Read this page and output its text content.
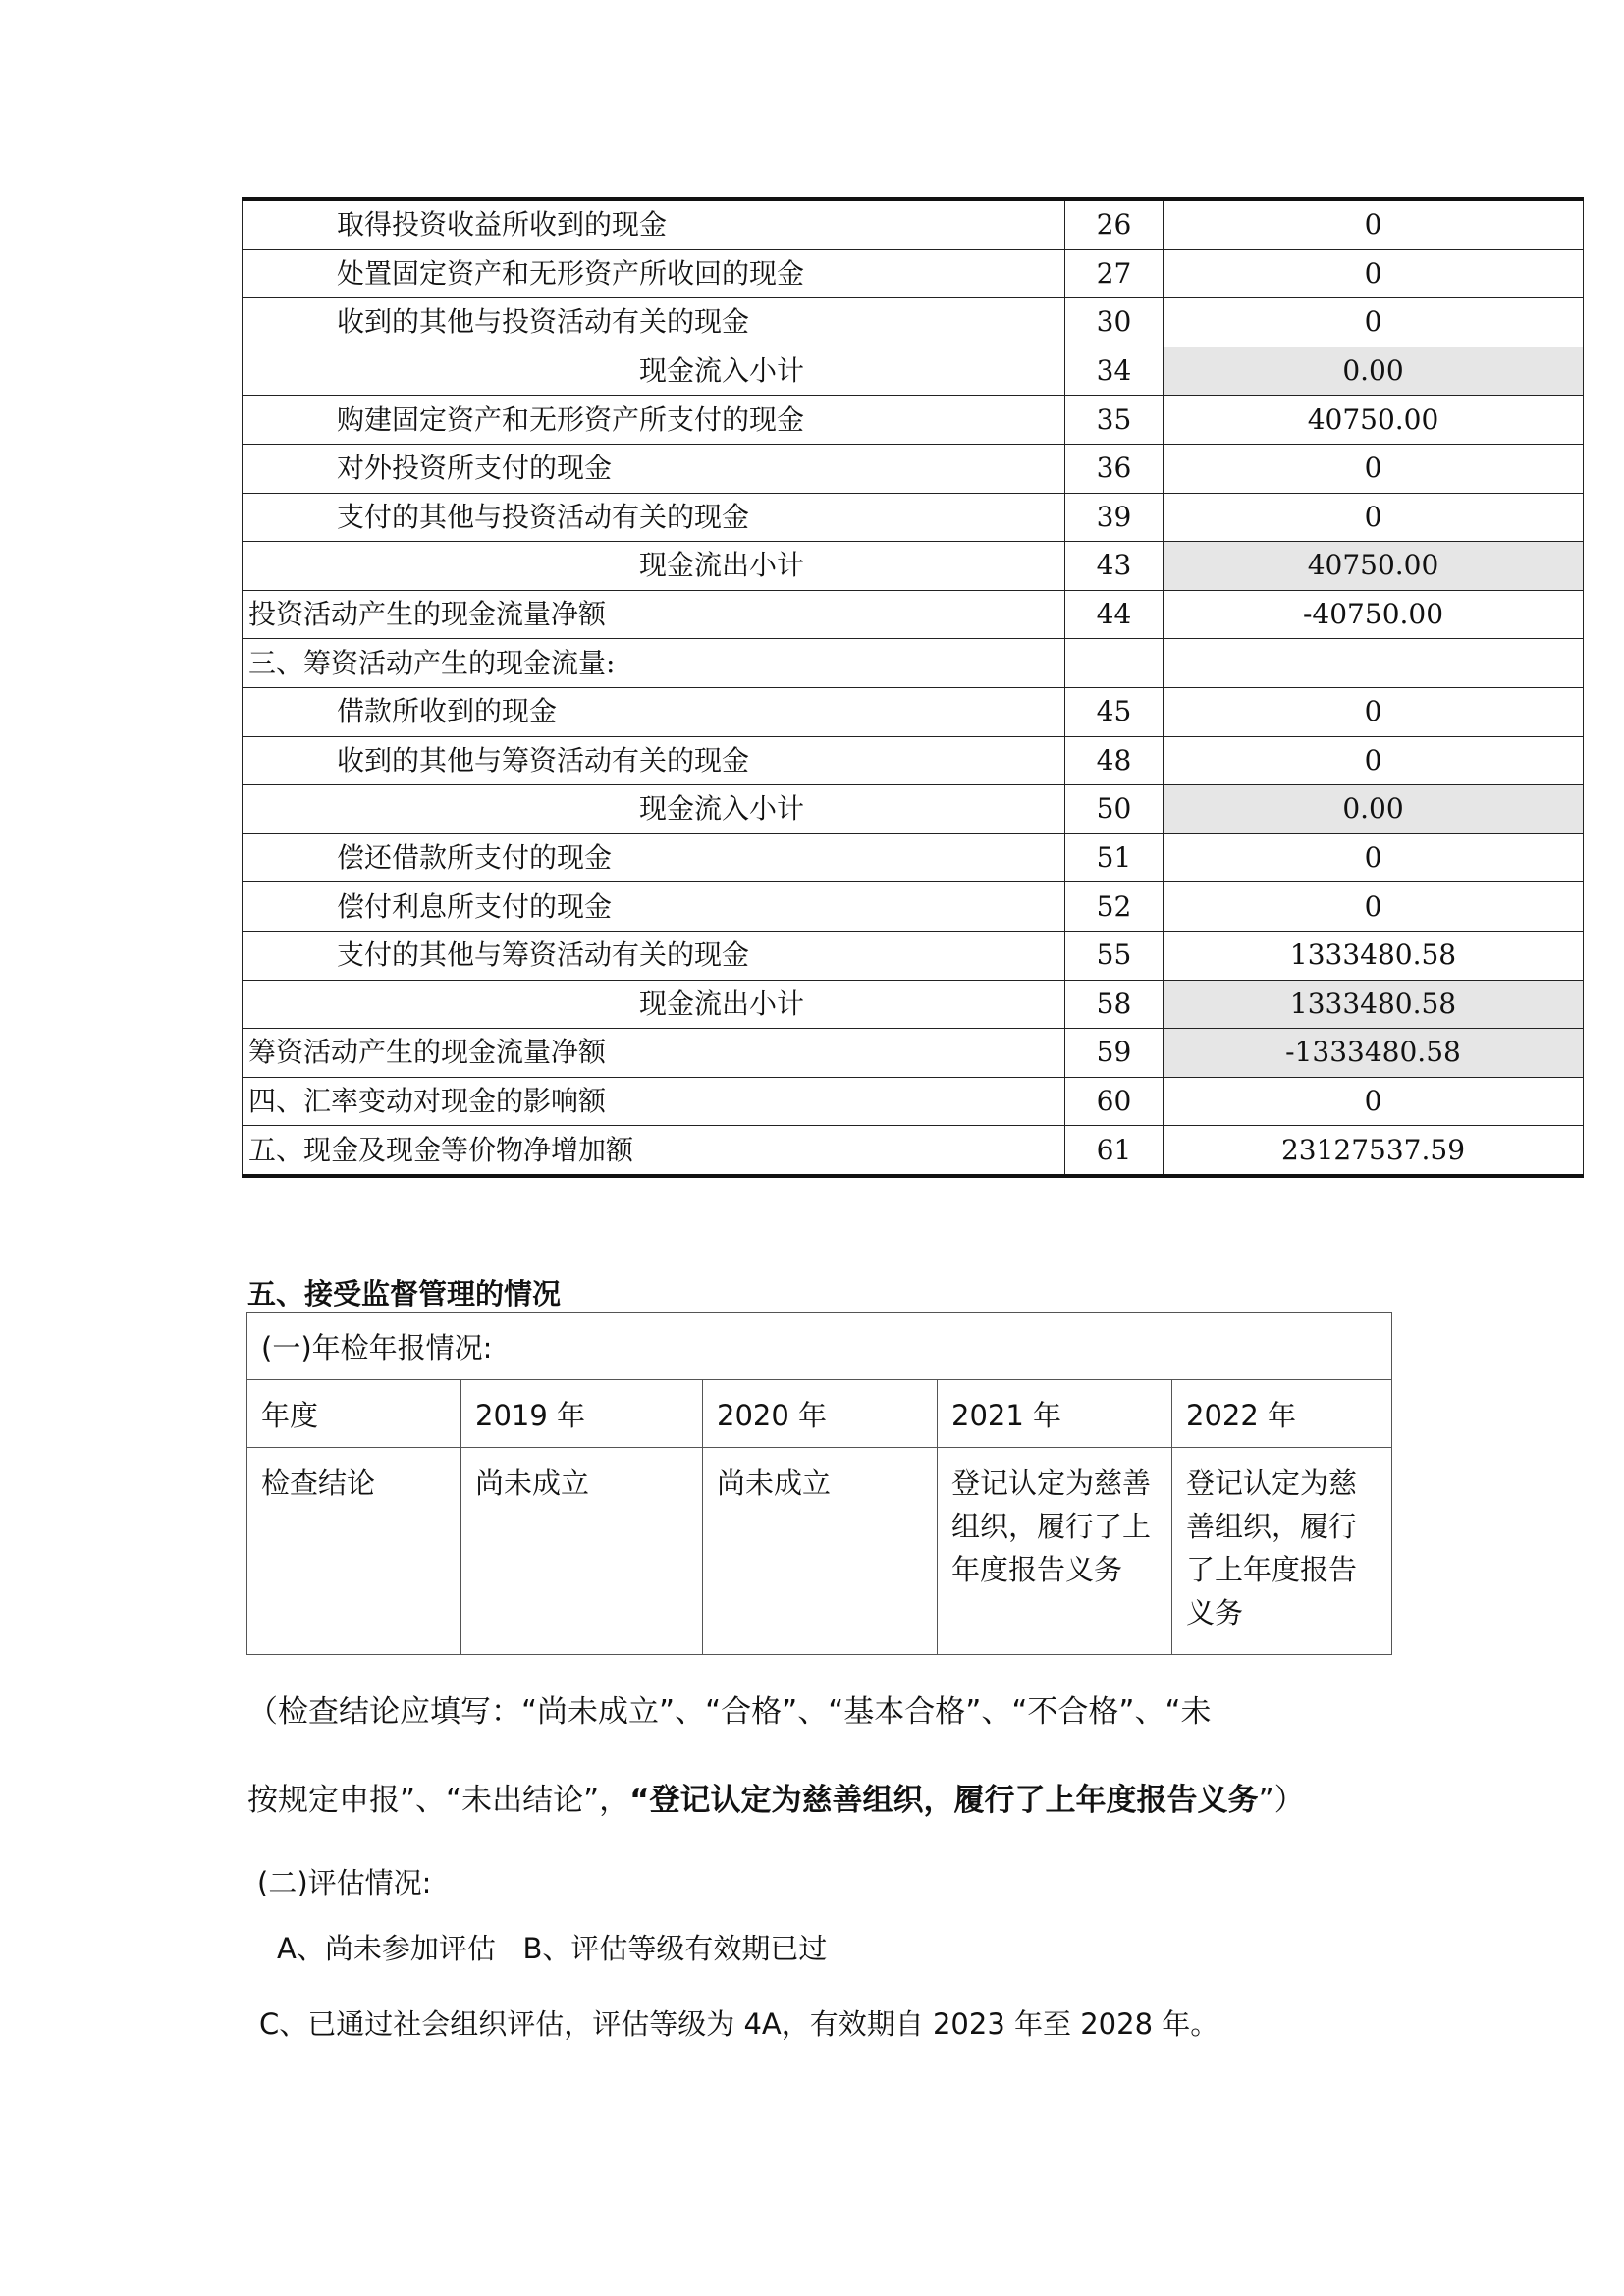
取得投资收益所收到的现金	26	0
处置固定资产和无形资产所收回的现金	27	0
收到的其他与投资活动有关的现金	30	0
现金流入小计	34	0.00
购建固定资产和无形资产所支付的现金	35	40750.00
对外投资所支付的现金	36	0
支付的其他与投资活动有关的现金	39	0
现金流出小计	43	40750.00
投资活动产生的现金流量净额	44	-40750.00
三、筹资活动产生的现金流量:		
借款所收到的现金	45	0
收到的其他与筹资活动有关的现金	48	0
现金流入小计	50	0.00
偿还借款所支付的现金	51	0
偿付利息所支付的现金	52	0
支付的其他与筹资活动有关的现金	55	1333480.58
现金流出小计	58	1333480.58
筹资活动产生的现金流量净额	59	-1333480.58
四、汇率变动对现金的影响额	60	0
五、现金及现金等价物净增加额	61	23127537.59
五、接受监督管理的情况
(一)年检年报情况:				
年度	2019 年	2020 年	2021 年	2022 年
检查结论	尚未成立	尚未成立	登记认定为慈善组织，履行了上年度报告义务	登记认定为慈善组织，履行了上年度报告义务
（检查结论应填写：“尚未成立”、“合格”、“基本合格”、“不合格”、“未
按规定申报”、“未出结论”，“登记认定为慈善组织，履行了上年度报告义务”）
(二)评估情况:
A、尚未参加评估   B、评估等级有效期已过
C、已通过社会组织评估，评估等级为 4A，有效期自 2023 年至 2028 年。
